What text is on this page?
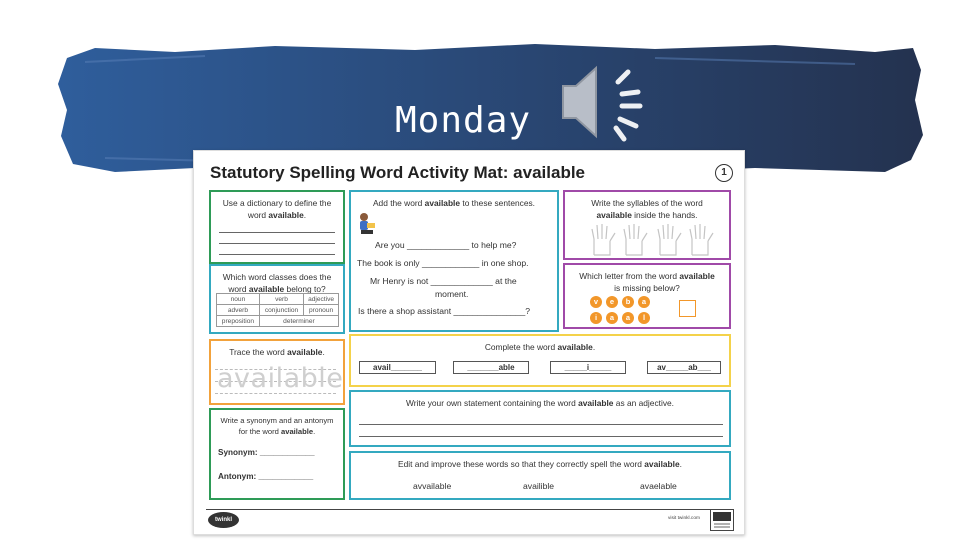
Monday
Statutory Spelling Word Activity Mat: available	1
Use a dictionary to define the word available.
Add the word available to these sentences.
Are you _____________ to help me?
The book is only ____________ in one shop.
Mr Henry is not _____________ at the
moment.
Is there a shop assistant _______________?
Write the syllables of the word
available inside the hands.
Which word classes does the
word available belong to?
noun	verb	adjective
adverb	conjunction	pronoun
preposition	determiner	
Which letter from the word available
is missing below?
v	e	b	a
i	a	a	l
Trace the word available.
available
Complete the word available.
avail_______	_______able	_____i_____	av_____ab___
Write a synonym and an antonym
for the word available.
Synonym: ____________
Antonym: ____________
Write your own statement containing the word available as an adjective.
Edit and improve these words so that they correctly spell the word available.
avvailable	availible	avaelable
twinkl	visit twinkl.com
